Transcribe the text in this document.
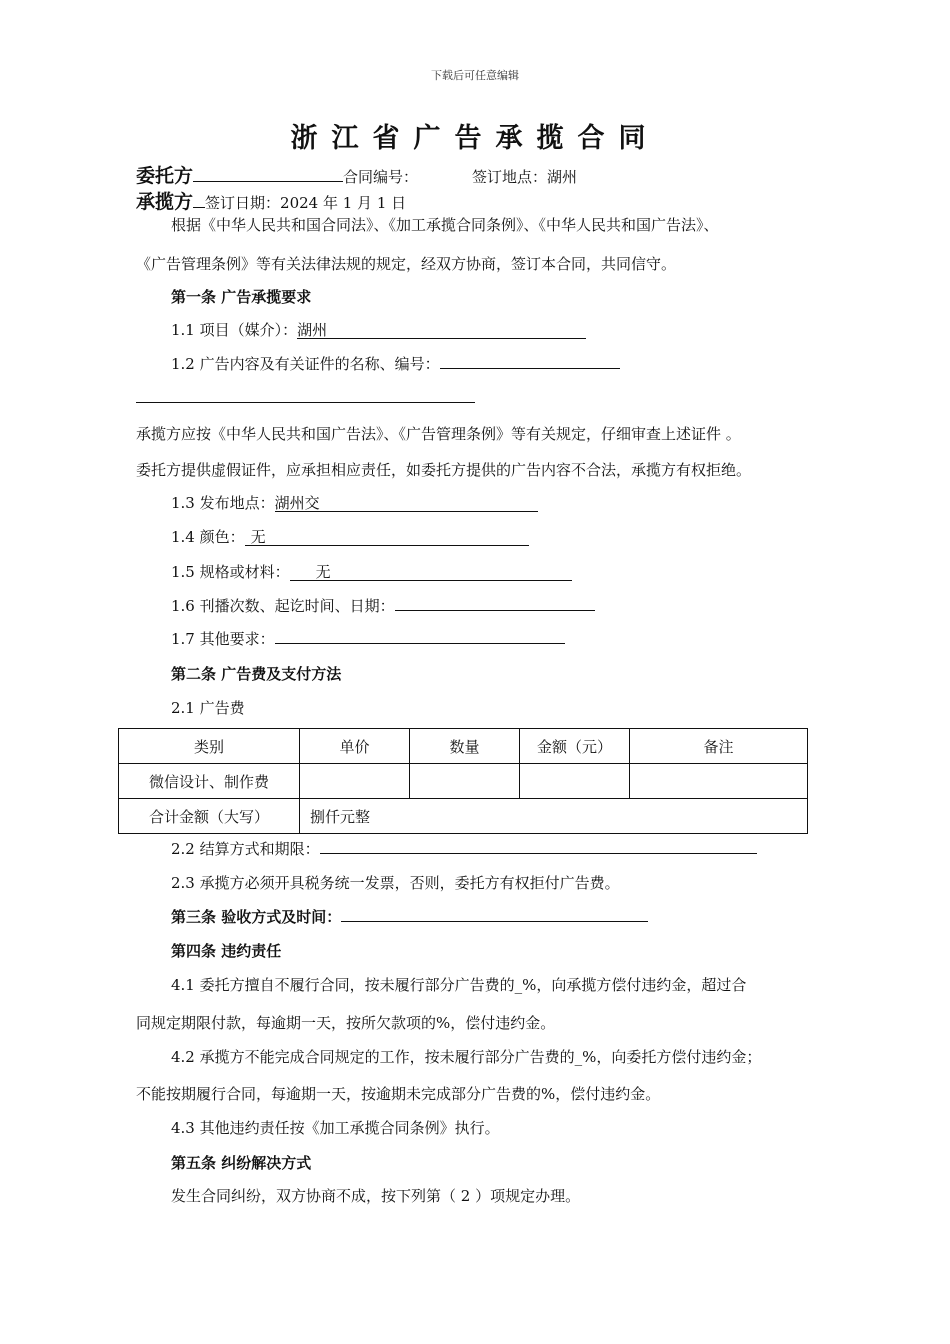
下载后可任意编辑
浙江省广告承揽合同
委托方	合同编号：	签订地点：湖州
承揽方 签订日期：2024 年 1 月 1 日
根据《中华人民共和国合同法》、《加工承揽合同条例》、《中华人民共和国广告法》、
《广告管理条例》等有关法律法规的规定，经双方协商，签订本合同，共同信守。
第一条 广告承揽要求
1.1 项目（媒介）：湖州
1.2 广告内容及有关证件的名称、编号：
承揽方应按《中华人民共和国广告法》、《广告管理条例》等有关规定，仔细审查上述证件 。
委托方提供虚假证件，应承担相应责任，如委托方提供的广告内容不合法，承揽方有权拒绝。
1.3 发布地点：湖州交
1.4 颜色： 无
1.5 规格或材料： 无
1.6 刊播次数、起讫时间、日期：
1.7 其他要求：
第二条 广告费及支付方法
2.1 广告费
类别	单价	数量	金额（元）	备注
微信设计、制作费				
合计金额（大写）	捌仟元整			
2.2 结算方式和期限：
2.3 承揽方必须开具税务统一发票，否则，委托方有权拒付广告费。
第三条 验收方式及时间：
第四条 违约责任
4.1 委托方擅自不履行合同，按未履行部分广告费的_%，向承揽方偿付违约金，超过合
同规定期限付款，每逾期一天，按所欠款项的%，偿付违约金。
4.2 承揽方不能完成合同规定的工作，按未履行部分广告费的_%，向委托方偿付违约金；
不能按期履行合同，每逾期一天，按逾期未完成部分广告费的%，偿付违约金。
4.3 其他违约责任按《加工承揽合同条例》执行。
第五条 纠纷解决方式
发生合同纠纷，双方协商不成，按下列第（ 2 ）项规定办理。
